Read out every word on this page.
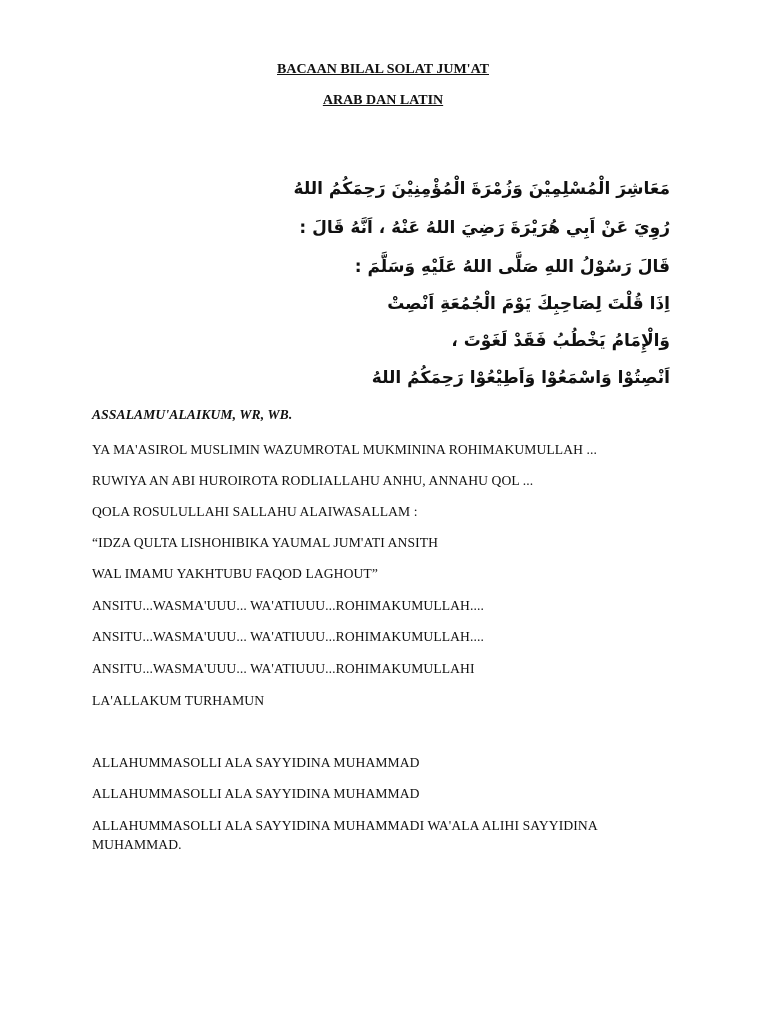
BACAAN BILAL SOLAT JUM'AT
ARAB DAN LATIN
مَعَاشِرَ الْمُسْلِمِيْنَ وَزُمْرَةَ الْمُؤْمِنِيْنَ رَحِمَكُمُ اللهُ
رُوِيَ عَنْ اَبِي هُرَيْرَةَ رَضِيَ اللهُ عَنْهُ ، اَنَّهُ قَالَ :
قَالَ رَسُوْلُ اللهِ صَلَّى اللهُ عَلَيْهِ وَسَلَّمَ :
اِذَا قُلْتَ لِصَاحِبِكَ يَوْمَ الْجُمُعَةِ اَنْصِتْ
وَالْإِمَامُ يَخْطُبُ فَقَدْ لَغَوْتَ ،
اَنْصِتُوْا وَاسْمَعُوْا وَاَطِيْعُوْا رَحِمَكُمُ اللهُ
ASSALAMU'ALAIKUM, WR, WB.
YA MA'ASIROL MUSLIMIN WAZUMROTAL MUKMININA ROHIMAKUMULLAH ...
RUWIYA AN ABI HUROIROTA RODLIALLAHU ANHU, ANNAHU QOL ...
QOLA ROSULULLAHI SALLAHU ALAIWASALLAM :
“IDZA QULTA LISHOHIBIKA YAUMAL JUM'ATI ANSITH
WAL IMAMU YAKHTUBU FAQOD LAGHOUT”
ANSITU...WASMA'UUU... WA'ATIUUU...ROHIMAKUMULLAH....
ANSITU...WASMA'UUU... WA'ATIUUU...ROHIMAKUMULLAH....
ANSITU...WASMA'UUU... WA'ATIUUU...ROHIMAKUMULLAHI
LA'ALLAKUM TURHAMUN
ALLAHUMMASOLLI ALA SAYYIDINA MUHAMMAD
ALLAHUMMASOLLI ALA SAYYIDINA MUHAMMAD
ALLAHUMMASOLLI ALA SAYYIDINA MUHAMMADI WA'ALA ALIHI SAYYIDINA MUHAMMAD.
